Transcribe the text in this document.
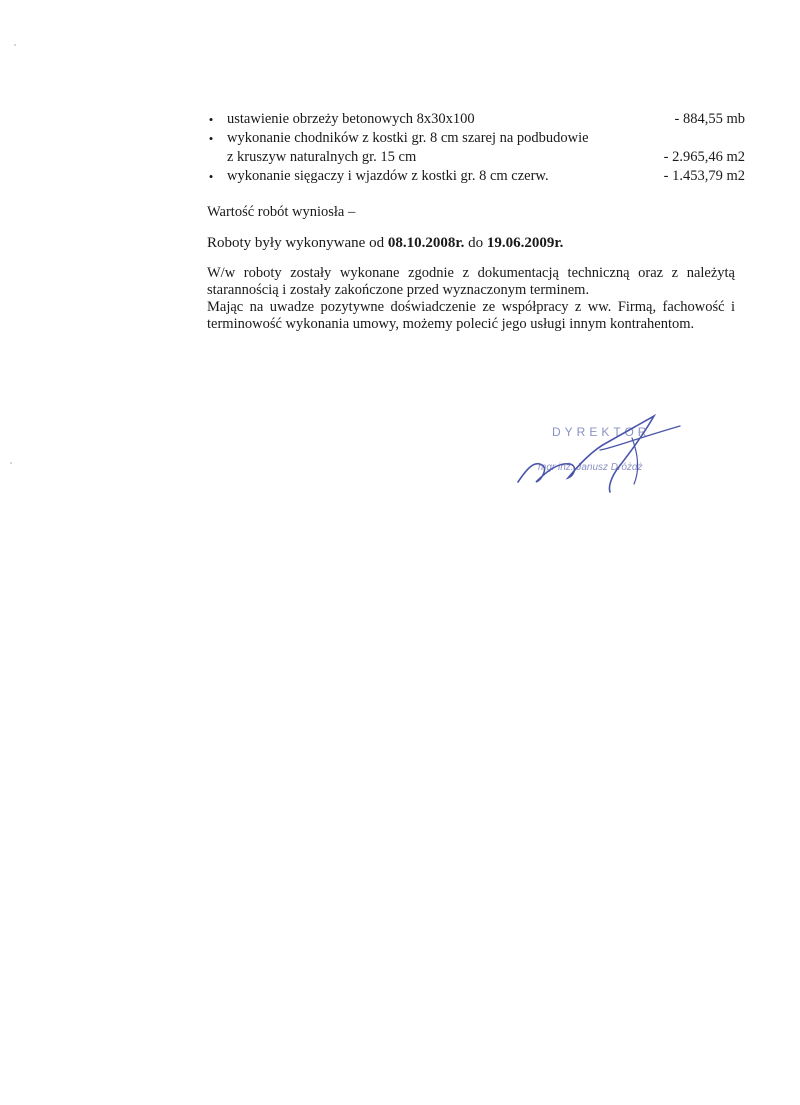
• ustawienie obrzeży betonowych 8x30x100	- 884,55 mb
• wykonanie chodników z kostki gr. 8 cm szarej na podbudowie
z kruszyw naturalnych gr. 15 cm	- 2.965,46 m2
• wykonanie sięgaczy i wjazdów z kostki gr. 8 cm czerw.	- 1.453,79 m2
Wartość robót wyniosła –
Roboty były wykonywane od 08.10.2008r. do 19.06.2009r.

W/w roboty zostały wykonane zgodnie z dokumentacją techniczną oraz z należytą starannością i zostały zakończone przed wyznaczonym terminem.

Mając na uwadze pozytywne doświadczenie ze współpracy z ww. Firmą, fachowość i terminowość wykonania umowy, możemy polecić jego usługi innym kontrahentom.

DYREKTOR
mgr inż. Janusz Dróżdż
